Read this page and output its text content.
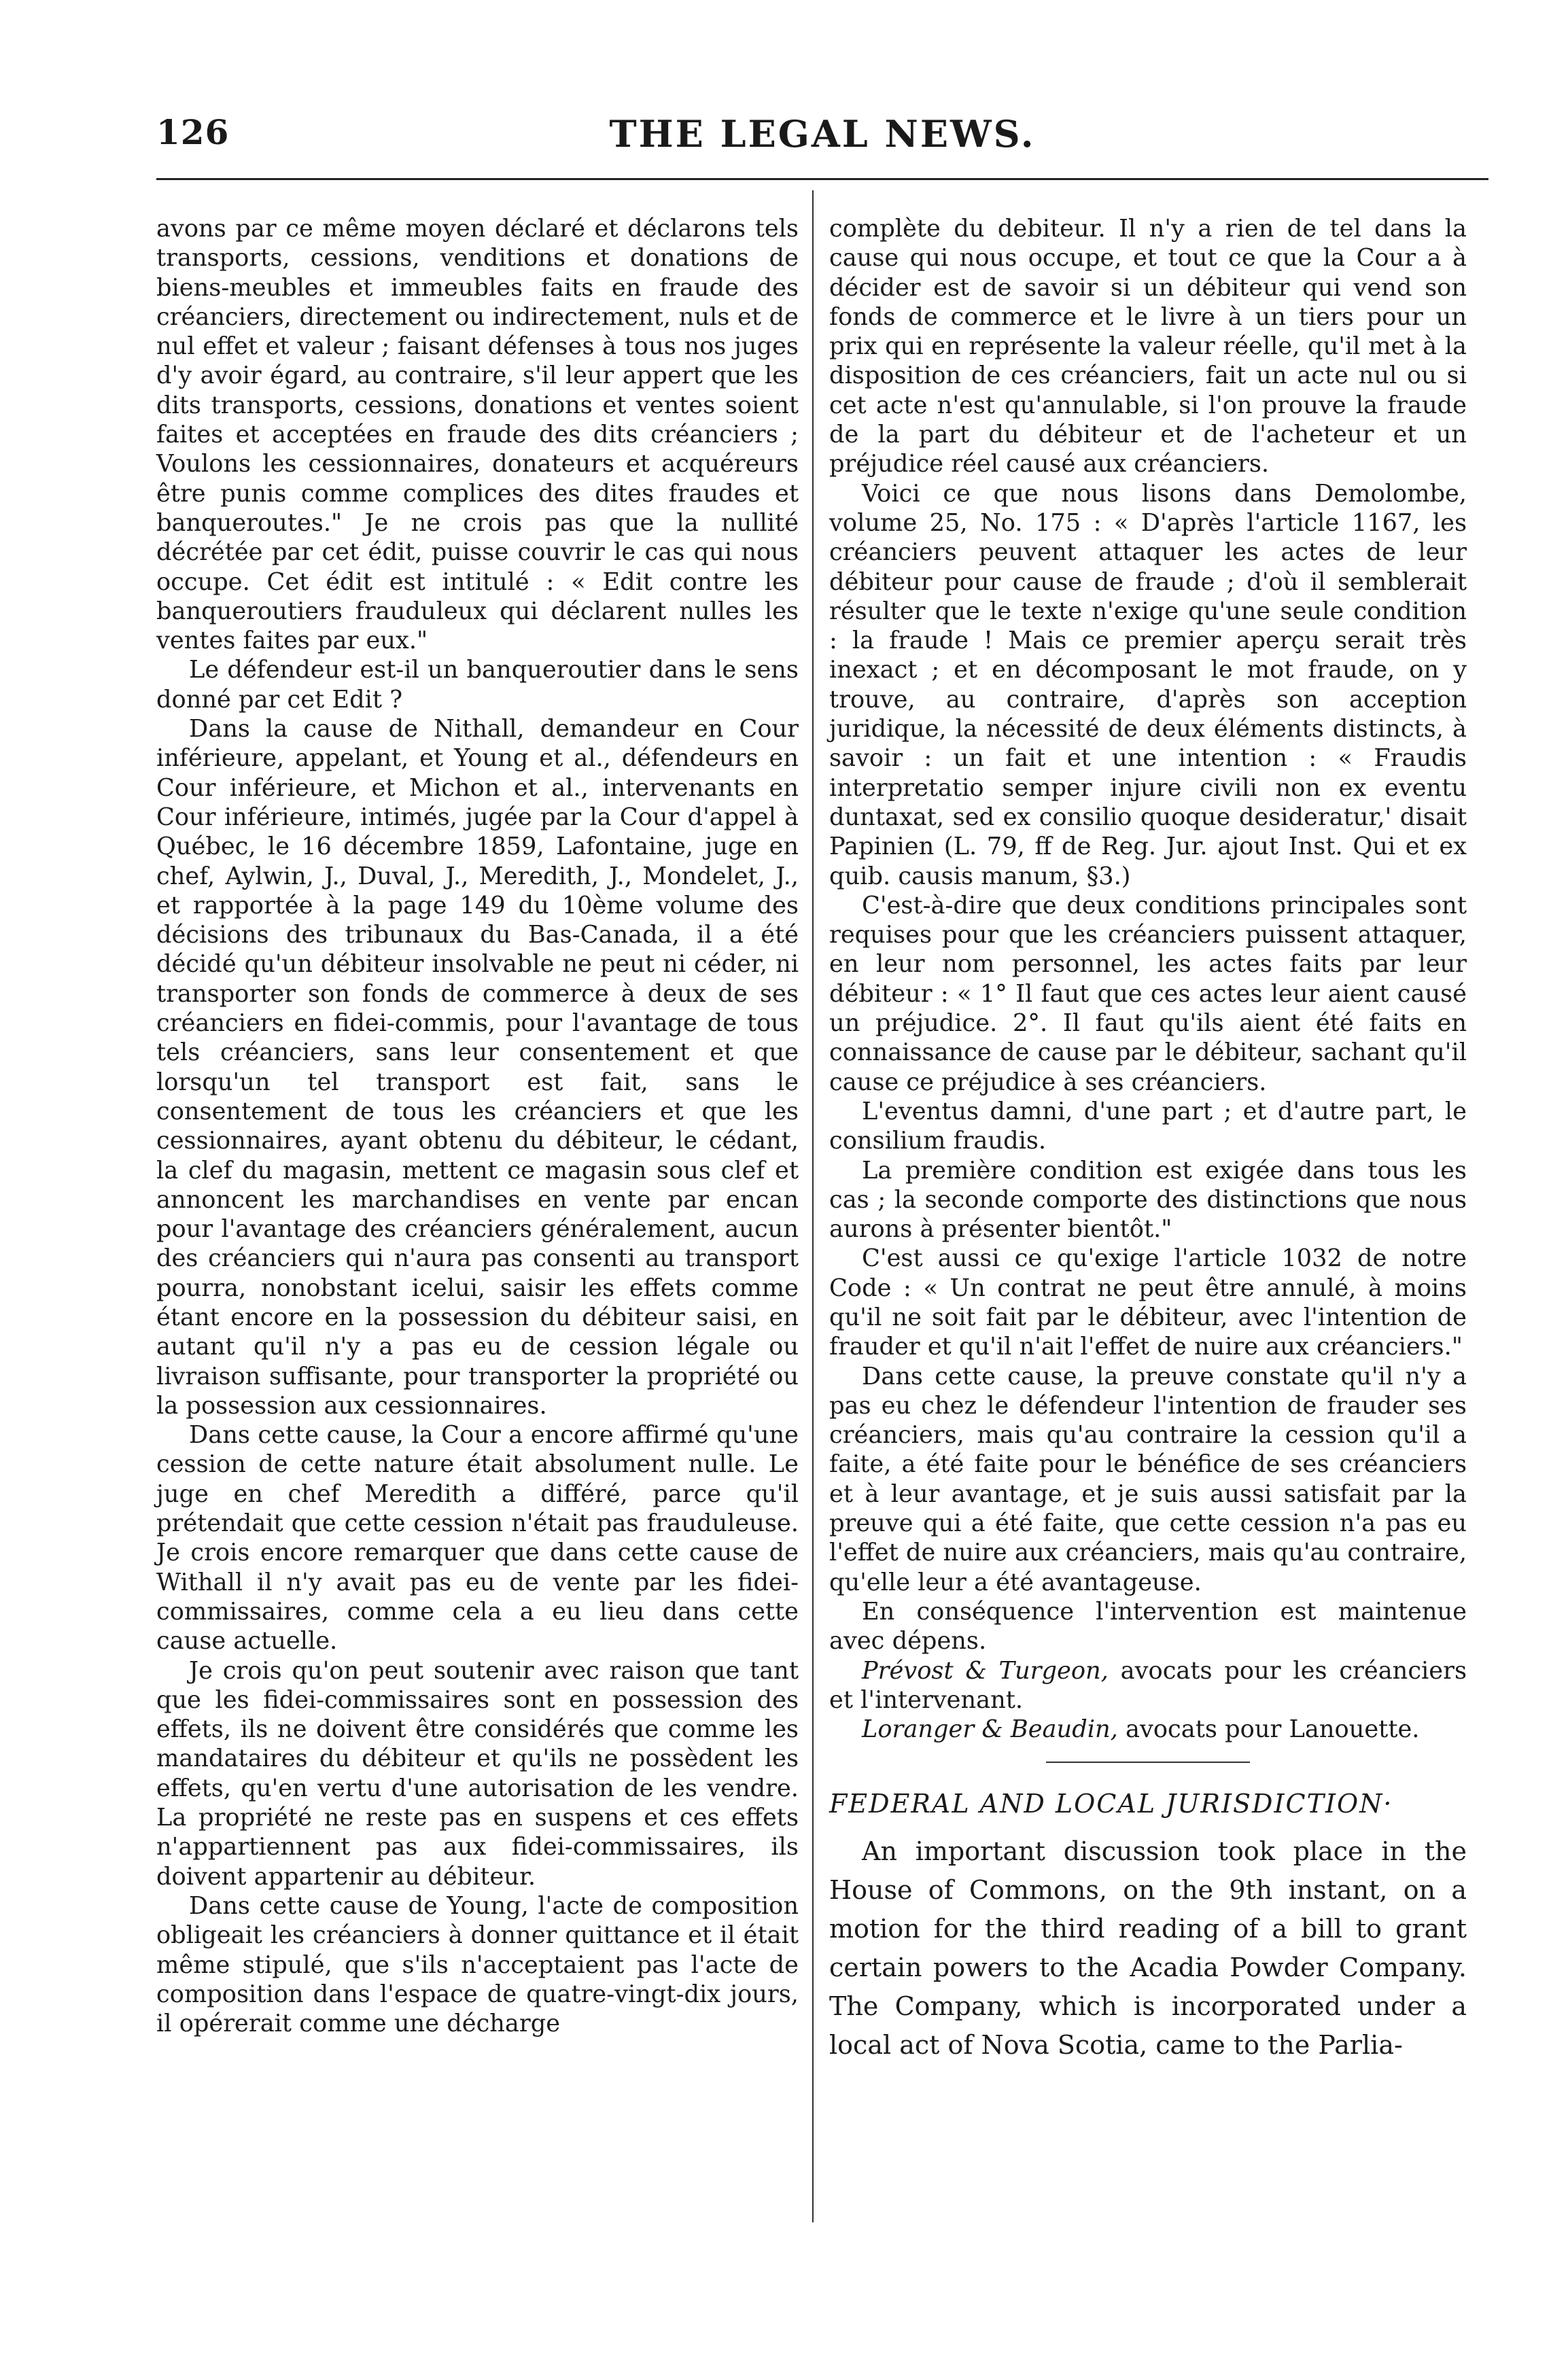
126	THE LEGAL NEWS.

avons par ce même moyen déclaré et déclarons tels transports, cessions, venditions et donations de biens-meubles et immeubles faits en fraude des créanciers, directement ou indirectement, nuls et de nul effet et valeur ; faisant défenses à tous nos juges d'y avoir égard, au contraire, s'il leur appert que les dits transports, cessions, donations et ventes soient faites et acceptées en fraude des dits créanciers ; Voulons les cessionnaires, donateurs et acquéreurs être punis comme complices des dites fraudes et banqueroutes." Je ne crois pas que la nullité décrétée par cet édit, puisse couvrir le cas qui nous occupe. Cet édit est intitulé : « Edit contre les banqueroutiers frauduleux qui déclarent nulles les ventes faites par eux."

Le défendeur est-il un banqueroutier dans le sens donné par cet Edit ?

Dans la cause de Nithall, demandeur en Cour inférieure, appelant, et Young et al., défendeurs en Cour inférieure, et Michon et al., intervenants en Cour inférieure, intimés, jugée par la Cour d'appel à Québec, le 16 décembre 1859, Lafontaine, juge en chef, Aylwin, J., Duval, J., Meredith, J., Mondelet, J., et rapportée à la page 149 du 10ème volume des décisions des tribunaux du Bas-Canada, il a été décidé qu'un débiteur insolvable ne peut ni céder, ni transporter son fonds de commerce à deux de ses créanciers en fidei-commis, pour l'avantage de tous tels créanciers, sans leur consentement et que lorsqu'un tel transport est fait, sans le consentement de tous les créanciers et que les cessionnaires, ayant obtenu du débiteur, le cédant, la clef du magasin, mettent ce magasin sous clef et annoncent les marchandises en vente par encan pour l'avantage des créanciers généralement, aucun des créanciers qui n'aura pas consenti au transport pourra, nonobstant icelui, saisir les effets comme étant encore en la possession du débiteur saisi, en autant qu'il n'y a pas eu de cession légale ou livraison suffisante, pour transporter la propriété ou la possession aux cessionnaires.

Dans cette cause, la Cour a encore affirmé qu'une cession de cette nature était absolument nulle. Le juge en chef Meredith a différé, parce qu'il prétendait que cette cession n'était pas frauduleuse. Je crois encore remarquer que dans cette cause de Withall il n'y avait pas eu de vente par les fidei-commissaires, comme cela a eu lieu dans cette cause actuelle.

Je crois qu'on peut soutenir avec raison que tant que les fidei-commissaires sont en possession des effets, ils ne doivent être considérés que comme les mandataires du débiteur et qu'ils ne possèdent les effets, qu'en vertu d'une autorisation de les vendre. La propriété ne reste pas en suspens et ces effets n'appartiennent pas aux fidei-commissaires, ils doivent appartenir au débiteur.

Dans cette cause de Young, l'acte de composition obligeait les créanciers à donner quittance et il était même stipulé, que s'ils n'acceptaient pas l'acte de composition dans l'espace de quatre-vingt-dix jours, il opérerait comme une décharge

complète du debiteur. Il n'y a rien de tel dans la cause qui nous occupe, et tout ce que la Cour a à décider est de savoir si un débiteur qui vend son fonds de commerce et le livre à un tiers pour un prix qui en représente la valeur réelle, qu'il met à la disposition de ces créanciers, fait un acte nul ou si cet acte n'est qu'annulable, si l'on prouve la fraude de la part du débiteur et de l'acheteur et un préjudice réel causé aux créanciers.

Voici ce que nous lisons dans Demolombe, volume 25, No. 175 : « D'après l'article 1167, les créanciers peuvent attaquer les actes de leur débiteur pour cause de fraude ; d'où il semblerait résulter que le texte n'exige qu'une seule condition : la fraude ! Mais ce premier aperçu serait très inexact ; et en décomposant le mot fraude, on y trouve, au contraire, d'après son acception juridique, la nécessité de deux éléments distincts, à savoir : un fait et une intention : « Fraudis interpretatio semper injure civili non ex eventu duntaxat, sed ex consilio quoque desideratur,' disait Papinien (L. 79, ff de Reg. Jur. ajout Inst. Qui et ex quib. causis manum, §3.)

C'est-à-dire que deux conditions principales sont requises pour que les créanciers puissent attaquer, en leur nom personnel, les actes faits par leur débiteur : « 1° Il faut que ces actes leur aient causé un préjudice. 2°. Il faut qu'ils aient été faits en connaissance de cause par le débiteur, sachant qu'il cause ce préjudice à ses créanciers.

L'eventus damni, d'une part ; et d'autre part, le consilium fraudis.

La première condition est exigée dans tous les cas ; la seconde comporte des distinctions que nous aurons à présenter bientôt."

C'est aussi ce qu'exige l'article 1032 de notre Code : « Un contrat ne peut être annulé, à moins qu'il ne soit fait par le débiteur, avec l'intention de frauder et qu'il n'ait l'effet de nuire aux créanciers."

Dans cette cause, la preuve constate qu'il n'y a pas eu chez le défendeur l'intention de frauder ses créanciers, mais qu'au contraire la cession qu'il a faite, a été faite pour le bénéfice de ses créanciers et à leur avantage, et je suis aussi satisfait par la preuve qui a été faite, que cette cession n'a pas eu l'effet de nuire aux créanciers, mais qu'au contraire, qu'elle leur a été avantageuse.

En conséquence l'intervention est maintenue avec dépens.

Prévost & Turgeon, avocats pour les créanciers et l'intervenant.

Loranger & Beaudin, avocats pour Lanouette.

FEDERAL AND LOCAL JURISDICTION·

An important discussion took place in the House of Commons, on the 9th instant, on a motion for the third reading of a bill to grant certain powers to the Acadia Powder Company. The Company, which is incorporated under a local act of Nova Scotia, came to the Parlia-
